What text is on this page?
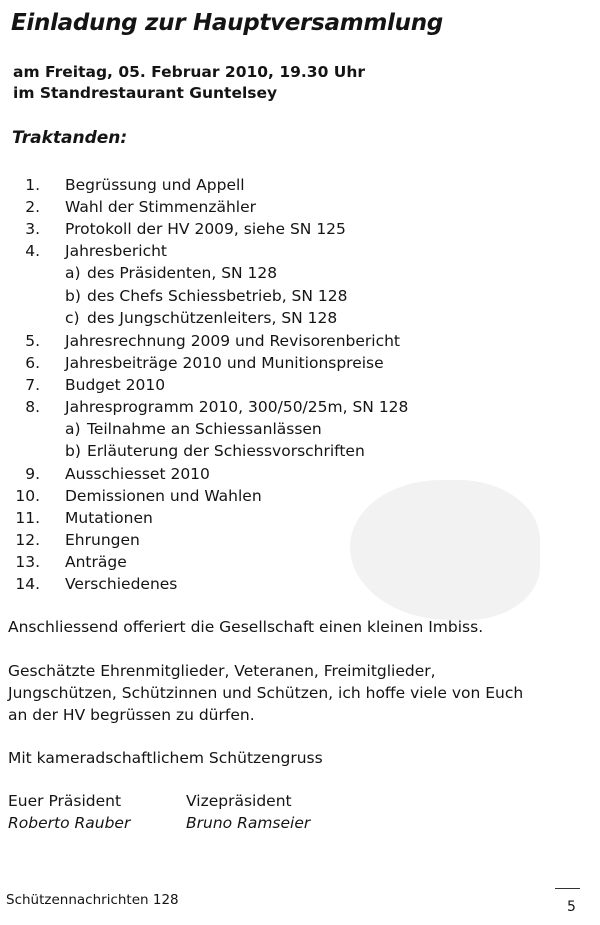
Einladung zur Hauptversammlung
am Freitag, 05. Februar 2010, 19.30 Uhr
im Standrestaurant Guntelsey
Traktanden:
1. Begrüssung und Appell
2. Wahl der Stimmenzähler
3. Protokoll der HV 2009, siehe SN 125
4. Jahresbericht
a) des Präsidenten, SN 128
b) des Chefs Schiessbetrieb, SN 128
c) des Jungschützenleiters, SN 128
5. Jahresrechnung 2009 und Revisorenbericht
6. Jahresbeiträge 2010 und Munitionspreise
7. Budget 2010
8. Jahresprogramm 2010, 300/50/25m, SN 128
a) Teilnahme an Schiessanlässen
b) Erläuterung der Schiessvorschriften
9. Ausschiesset 2010
10. Demissionen und Wahlen
11. Mutationen
12. Ehrungen
13. Anträge
14. Verschiedenes
Anschliessend offeriert die Gesellschaft einen kleinen Imbiss.
Geschätzte Ehrenmitglieder, Veteranen, Freimitglieder,
Jungschützen, Schützinnen und Schützen, ich hoffe viele von Euch
an der HV begrüssen zu dürfen.
Mit kameradschaftlichem Schützengruss
Euer Präsident
Roberto Rauber
Vizepräsident
Bruno Ramseier
Schützennachrichten 128	5
